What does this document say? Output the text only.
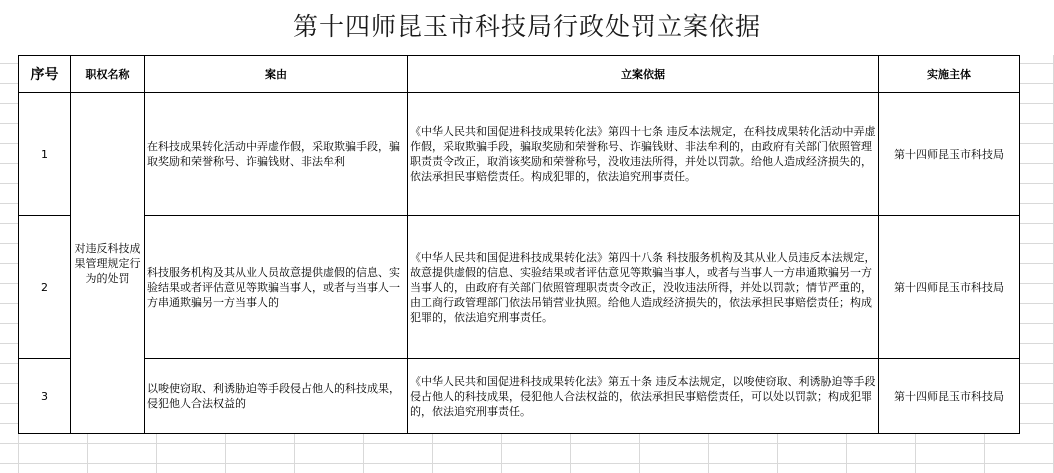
第十四师昆玉市科技局行政处罚立案依据
序号	职权名称	案由	立案依据	实施主体
1	对违反科技成果管理规定行为的处罚	在科技成果转化活动中弄虚作假，采取欺骗手段，骗取奖励和荣誉称号、诈骗钱财、非法牟利	《中华人民共和国促进科技成果转化法》第四十七条 违反本法规定，在科技成果转化活动中弄虚作假，采取欺骗手段，骗取奖励和荣誉称号、诈骗钱财、非法牟利的，由政府有关部门依照管理职责责令改正，取消该奖励和荣誉称号，没收违法所得，并处以罚款。给他人造成经济损失的，依法承担民事赔偿责任。构成犯罪的，依法追究刑事责任。	第十四师昆玉市科技局
2		科技服务机构及其从业人员故意提供虚假的信息、实验结果或者评估意见等欺骗当事人，或者与当事人一方串通欺骗另一方当事人的	《中华人民共和国促进科技成果转化法》第四十八条 科技服务机构及其从业人员违反本法规定，故意提供虚假的信息、实验结果或者评估意见等欺骗当事人，或者与当事人一方串通欺骗另一方当事人的，由政府有关部门依照管理职责责令改正，没收违法所得，并处以罚款；情节严重的，由工商行政管理部门依法吊销营业执照。给他人造成经济损失的，依法承担民事赔偿责任；构成犯罪的，依法追究刑事责任。	第十四师昆玉市科技局
3		以唆使窃取、利诱胁迫等手段侵占他人的科技成果，侵犯他人合法权益的	《中华人民共和国促进科技成果转化法》第五十条 违反本法规定，以唆使窃取、利诱胁迫等手段侵占他人的科技成果，侵犯他人合法权益的，依法承担民事赔偿责任，可以处以罚款；构成犯罪的，依法追究刑事责任。	第十四师昆玉市科技局
